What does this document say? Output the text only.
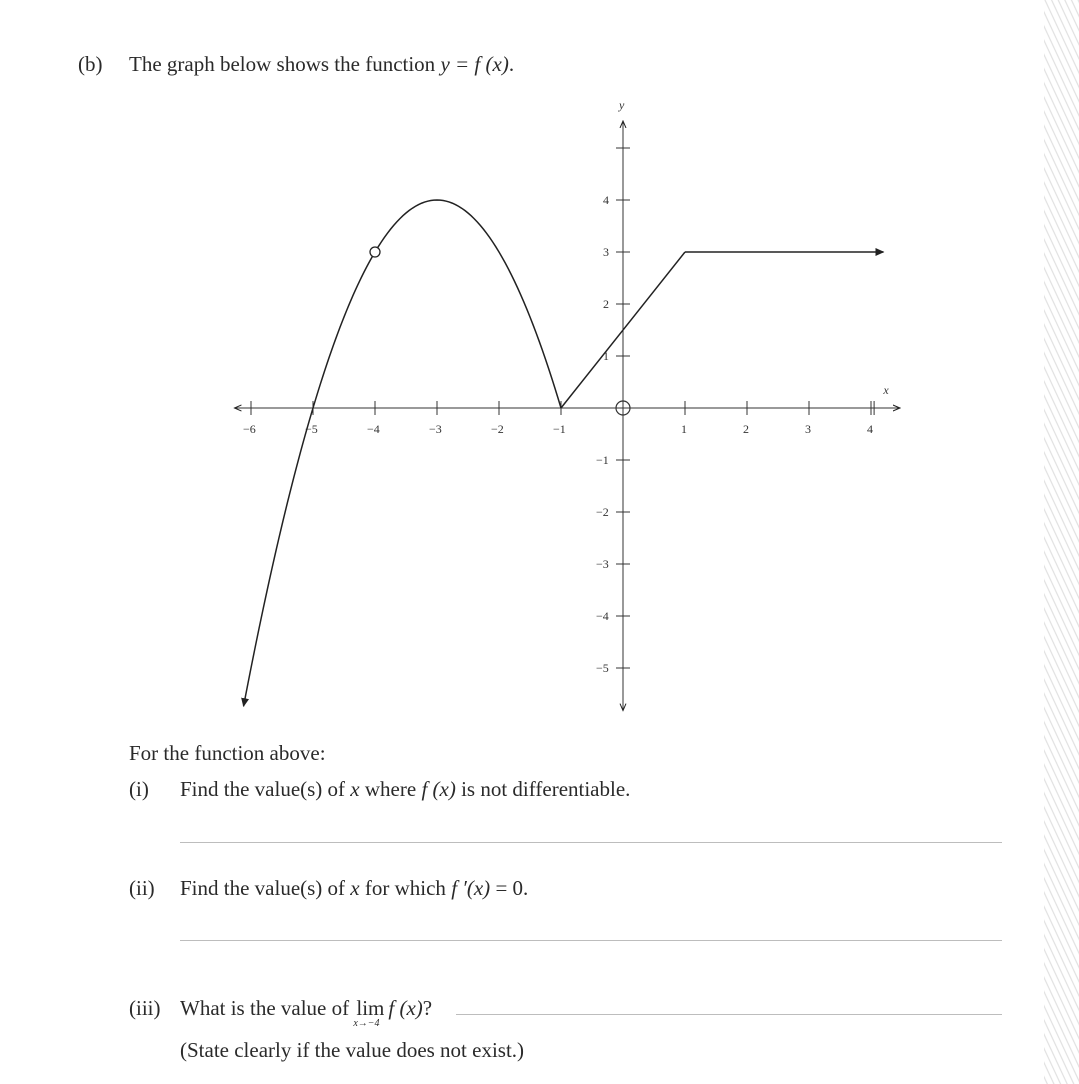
(b) The graph below shows the function y = f (x).
x
y
−6	−5	−4	−3	−2	−1	1	2	3	4
−5
−4
−3
−2
−1
1
2
3
4
For the function above:
(i) Find the value(s) of x where f (x) is not differentiable.
(ii) Find the value(s) of x for which f ′(x) = 0.
(iii) What is the value of lim
x→−4
f (x)?
(State clearly if the value does not exist.)
